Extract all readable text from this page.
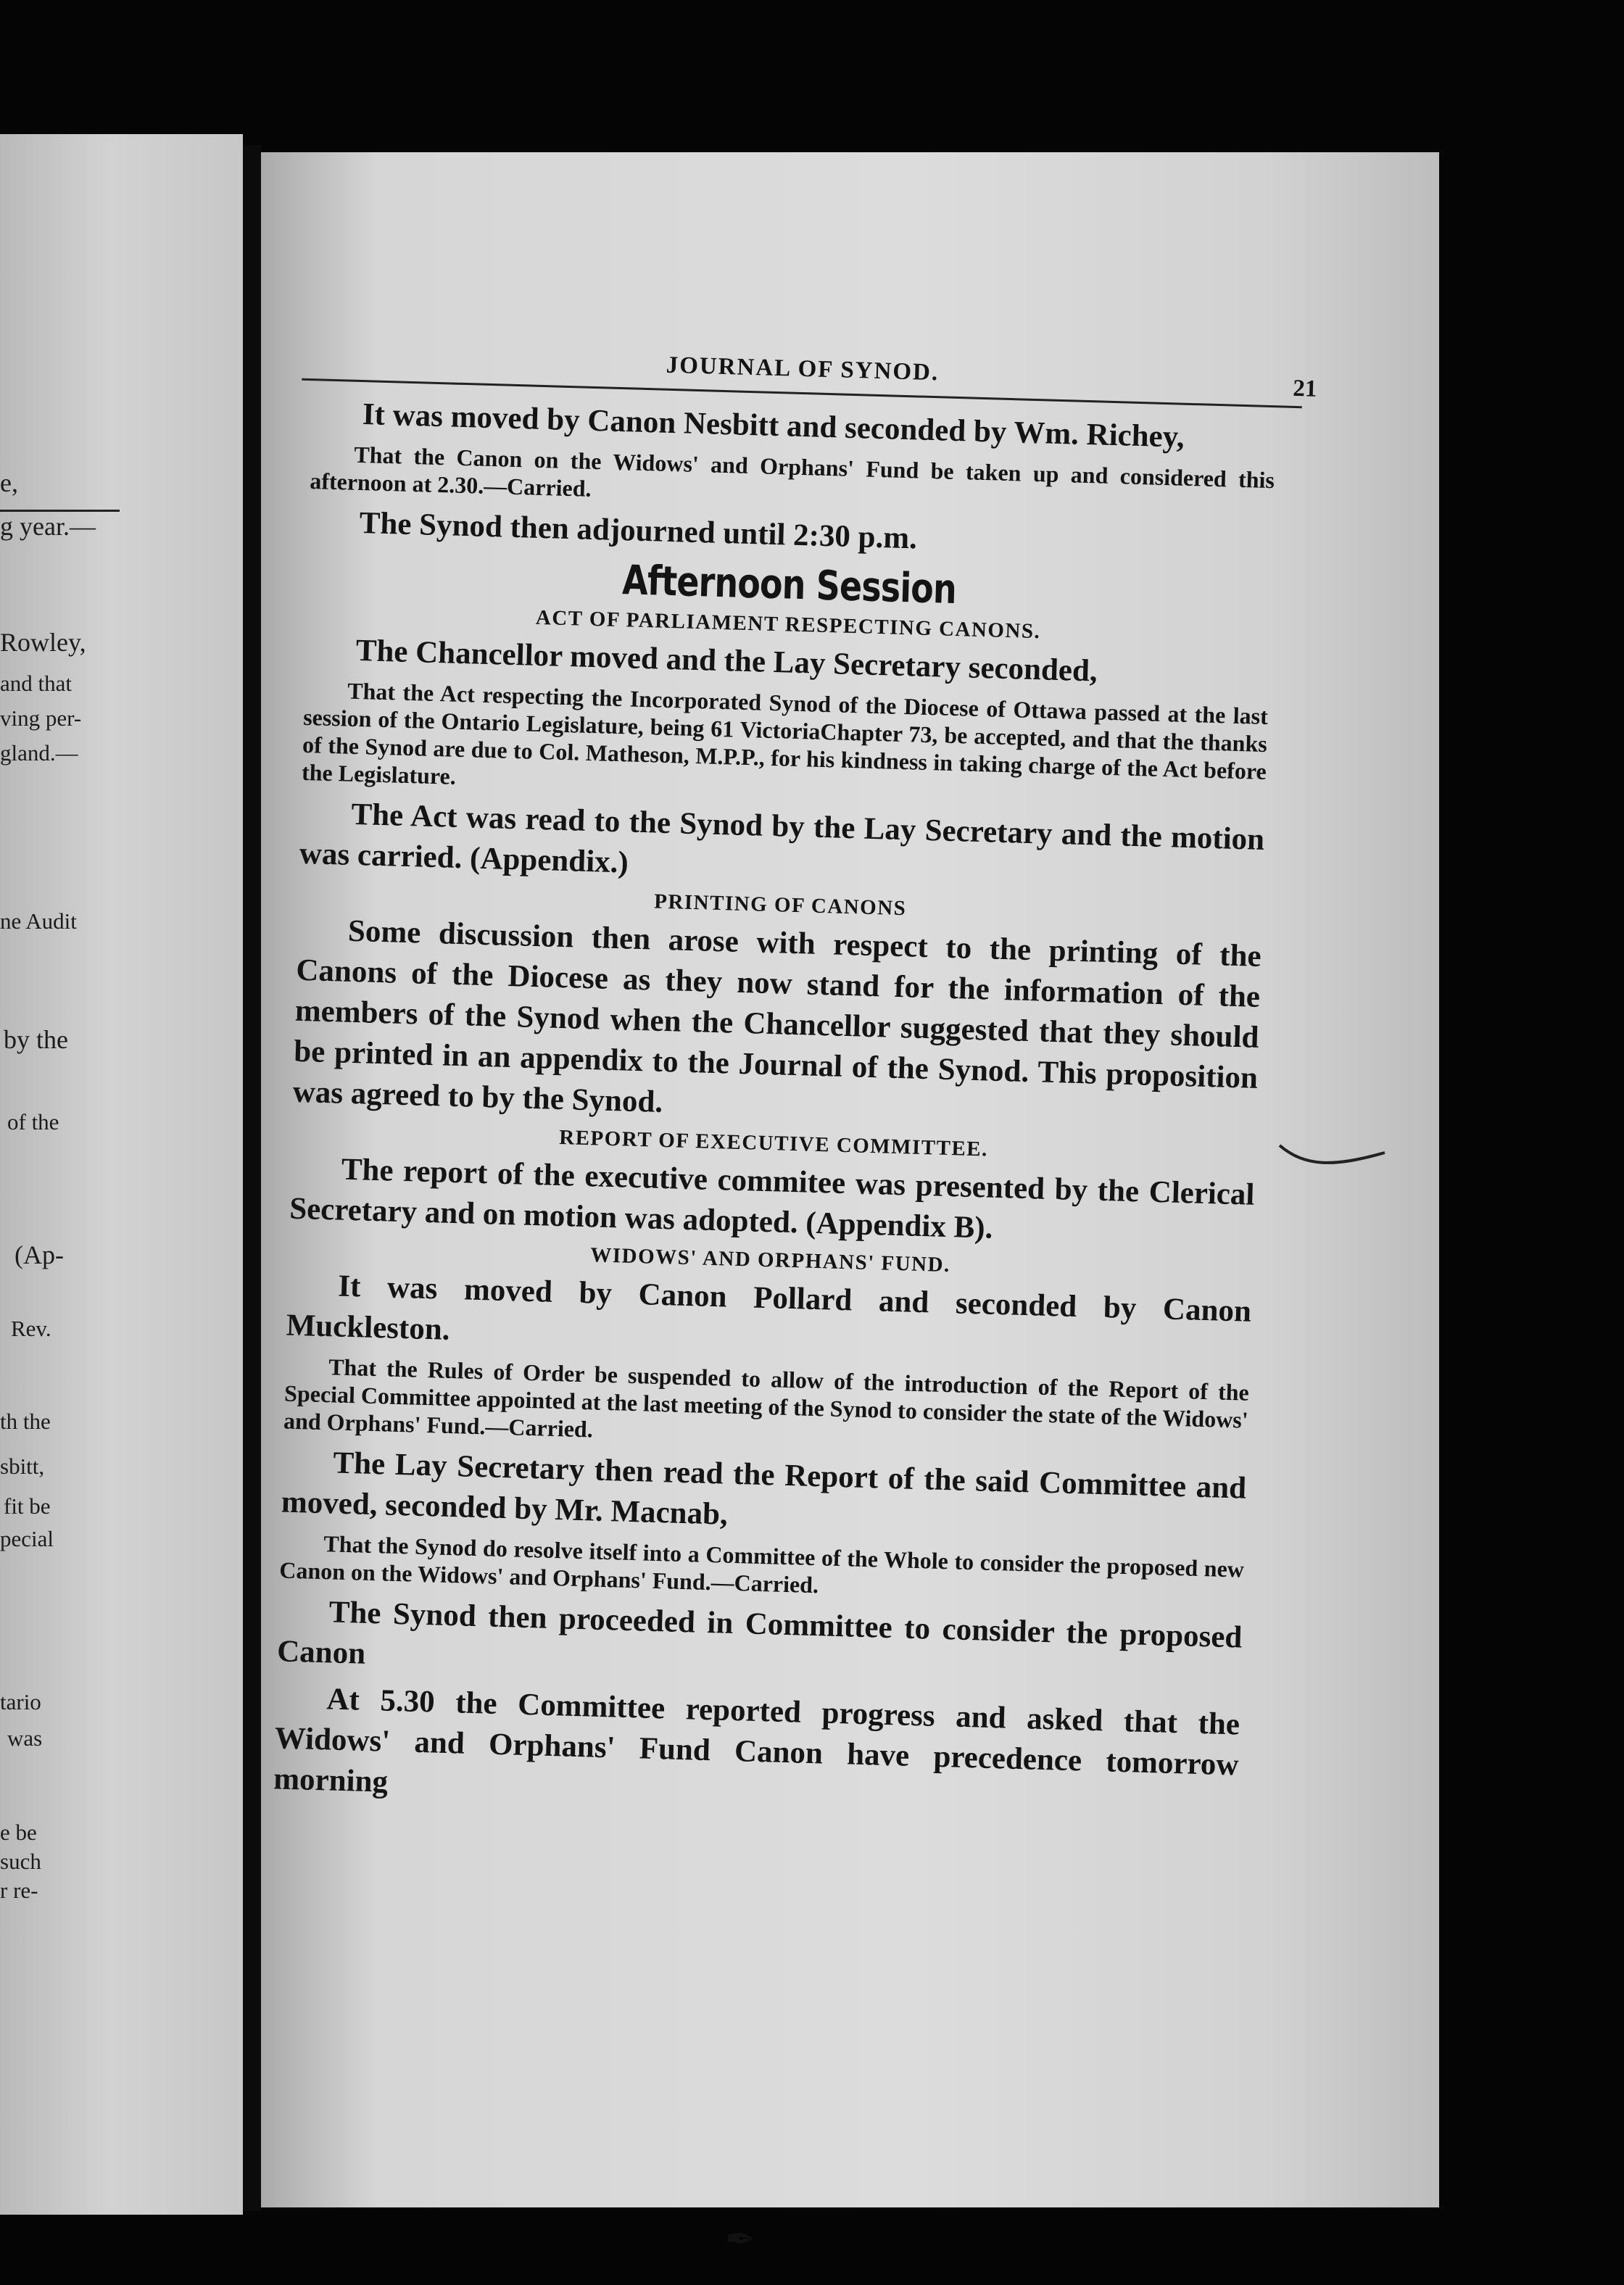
e,
g year.—
Rowley,
and that
ving per-
gland.—
ne Audit
by the
of the
(Ap-
Rev.
th the
sbitt,
fit be
pecial
tario
was
e be
such
r re-
JOURNAL OF SYNOD.
21

It was moved by Canon Nesbitt and seconded by Wm. Richey,

That the Canon on the Widows' and Orphans' Fund be taken up and considered this afternoon at 2.30.—Carried.

The Synod then adjourned until 2:30 p.m.

Afternoon Session
ACT OF PARLIAMENT RESPECTING CANONS.

The Chancellor moved and the Lay Secretary seconded,

That the Act respecting the Incorporated Synod of the Diocese of Ottawa passed at the last session of the Ontario Legislature, being 61 VictoriaChapter 73, be accepted, and that the thanks of the Synod are due to Col. Matheson, M.P.P., for his kindness in taking charge of the Act before the Legislature.

The Act was read to the Synod by the Lay Secretary and the motion was carried. (Appendix.)

PRINTING OF CANONS

Some discussion then arose with respect to the printing of the Canons of the Diocese as they now stand for the information of the members of the Synod when the Chancellor suggested that they should be printed in an appendix to the Journal of the Synod. This proposition was agreed to by the Synod.

REPORT OF EXECUTIVE COMMITTEE.

The report of the executive commitee was presented by the Clerical Secretary and on motion was adopted. (Appendix B).

WIDOWS' AND ORPHANS' FUND.

It was moved by Canon Pollard and seconded by Canon Muckleston.

That the Rules of Order be suspended to allow of the introduction of the Report of the Special Committee appointed at the last meeting of the Synod to consider the state of the Widows' and Orphans' Fund.—Carried.

The Lay Secretary then read the Report of the said Committee and moved, seconded by Mr. Macnab,

That the Synod do resolve itself into a Committee of the Whole to consider the proposed new Canon on the Widows' and Orphans' Fund.—Carried.

The Synod then proceeded in Committee to consider the proposed Canon

At 5.30 the Committee reported progress and asked that the Widows' and Orphans' Fund Canon have precedence tomorrow morning

✒
